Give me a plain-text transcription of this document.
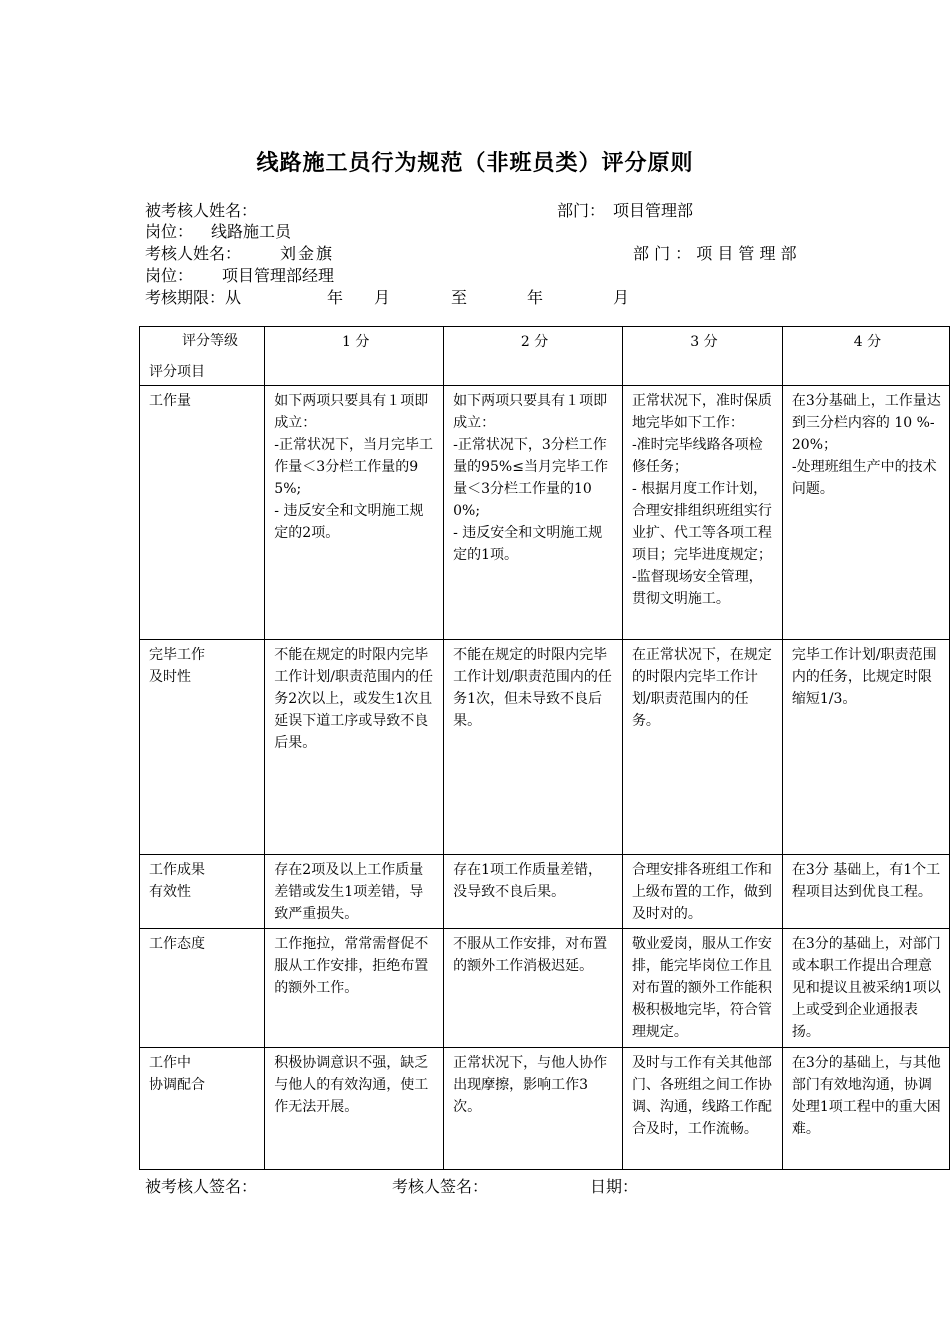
线路施工员行为规范（非班员类）评分原则
被考核人姓名：	部门： 项目管理部
岗位： 线路施工员
考核人姓名： 刘金旗	部 门 ： 项 目 管 理 部
岗位： 项目管理部经理
考核期限：从	年 月	至	年	月
评分等级
评分项目	1 分	2 分	3 分	4 分

工作量	如下两项只要具有１项即成立：
-正常状况下，当月完毕工作量＜3分栏工作量的95%;
- 违反安全和文明施工规定的2项。	如下两项只要具有１项即成立：
-正常状况下，3分栏工作量的95%≤当月完毕工作量＜3分栏工作量的100%;
- 违反安全和文明施工规定的1项。	正常状况下，准时保质地完毕如下工作：
-准时完毕线路各项检修任务；
- 根据月度工作计划，合理安排组织班组实行业扩、代工等各项工程项目；完毕进度规定；
-监督现场安全管理，贯彻文明施工。	在3分基础上，工作量达到三分栏内容的 10 %- 20%；
-处理班组生产中的技术问题。

完毕工作
及时性	不能在规定的时限内完毕工作计划/职责范围内的任务2次以上，或发生1次且延误下道工序或导致不良后果。	不能在规定的时限内完毕工作计划/职责范围内的任务1次，但未导致不良后果。	在正常状况下，在规定的时限内完毕工作计划/职责范围内的任务。	完毕工作计划/职责范围内的任务，比规定时限缩短1/3。

工作成果
有效性	存在2项及以上工作质量差错或发生1项差错，导致严重损失。	存在1项工作质量差错，没导致不良后果。	合理安排各班组工作和上级布置的工作，做到及时对的。	在3分 基础上，有1个工程项目达到优良工程。

工作态度	工作拖拉，常常需督促不服从工作安排，拒绝布置的额外工作。	不服从工作安排，对布置的额外工作消极迟延。	敬业爱岗，服从工作安排，能完毕岗位工作且对布置的额外工作能积极积极地完毕，符合管理规定。	在3分的基础上，对部门或本职工作提出合理意见和提议且被采纳1项以上或受到企业通报表扬。

工作中
协调配合	积极协调意识不强，缺乏与他人的有效沟通，使工作无法开展。	正常状况下，与他人协作出现摩擦，影响工作3次。	及时与工作有关其他部门、各班组之间工作协调、沟通，线路工作配合及时，工作流畅。	在3分的基础上，与其他部门有效地沟通，协调处理1项工程中的重大困难。
被考核人签名：	考核人签名：	日期：
